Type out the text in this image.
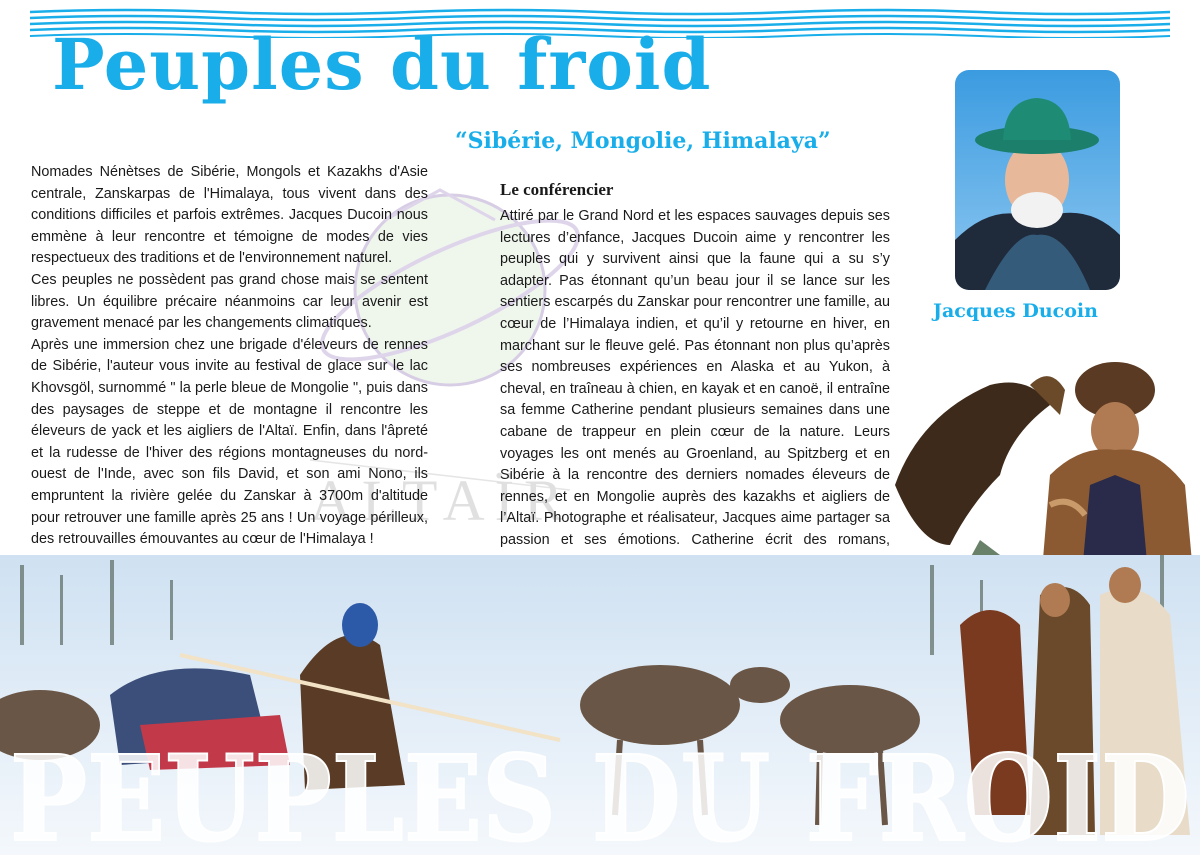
Peuples du froid
“Sibérie, Mongolie, Himalaya”
ALTAÏR

Nomades Nénètses de Sibérie, Mongols et Kazakhs d'Asie centrale, Zanskarpas de l'Himalaya, tous vivent dans des conditions difficiles et parfois extrêmes. Jacques Ducoin nous emmène à leur rencontre et témoigne de modes de vies respectueux des traditions et de l'environnement naturel.

Ces peuples ne possèdent pas grand chose mais se sentent libres. Un équilibre précaire néanmoins car leur avenir est gravement menacé par les changements climatiques.

Après une immersion chez une brigade d'éleveurs de rennes de Sibérie, l'auteur vous invite au festival de glace sur le lac Khovsgöl, surnommé " la perle bleue de Mongolie ", puis dans des paysages de steppe et de montagne il rencontre les éleveurs de yack et les aigliers de l'Altaï. Enfin, dans l'âpreté et la rudesse de l'hiver des régions montagneuses du nord-ouest de l'Inde, avec son fils David, et son ami Nono, ils empruntent la rivière gelée du Zanskar à 3700m d'altitude pour retrouver une famille après 25 ans ! Un voyage périlleux, des retrouvailles émouvantes au cœur de l'Himalaya !

Le conférencier

Attiré par le Grand Nord et les espaces sauvages depuis ses lectures d’enfance, Jacques Ducoin aime y rencontrer les peuples qui y survivent ainsi que la faune qui a su s’y adapter. Pas étonnant qu’un beau jour il se lance sur les sentiers escarpés du Zanskar pour rencontrer une famille, au cœur de l’Himalaya indien, et qu’il y retourne en hiver, en marchant sur le fleuve gelé. Pas étonnant non plus qu’après ses nombreuses expériences en Alaska et au Yukon, à cheval, en traîneau à chien, en kayak et en canoë, il entraîne sa femme Catherine pendant plusieurs semaines dans une cabane de trappeur en plein cœur de la nature. Leurs voyages les ont menés au Groenland, au Spitzberg et en Sibérie à la rencontre des derniers nomades éleveurs de rennes, et en Mongolie auprès des kazakhs et aigliers de l’Altaï. Photographe et réalisateur, Jacques aime partager sa passion et ses émotions. Catherine écrit des romans,

Jacques Ducoin
PEUPLES DU FROID
